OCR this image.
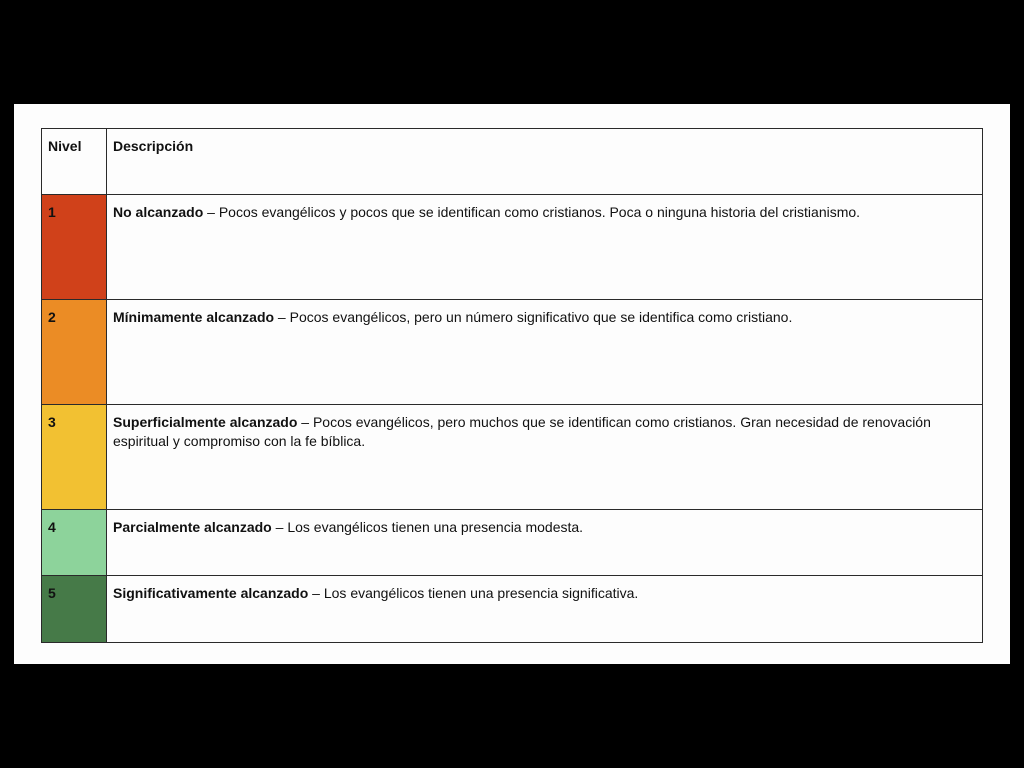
Nivel	Descripción
1	No alcanzado – Pocos evangélicos y pocos que se identifican como cristianos. Poca o ninguna historia del cristianismo.
2	Mínimamente alcanzado – Pocos evangélicos, pero un número significativo que se identifica como cristiano.
3	Superficialmente alcanzado – Pocos evangélicos, pero muchos que se identifican como cristianos. Gran necesidad de renovación espiritual y compromiso con la fe bíblica.
4	Parcialmente alcanzado – Los evangélicos tienen una presencia modesta.
5	Significativamente alcanzado – Los evangélicos tienen una presencia significativa.
